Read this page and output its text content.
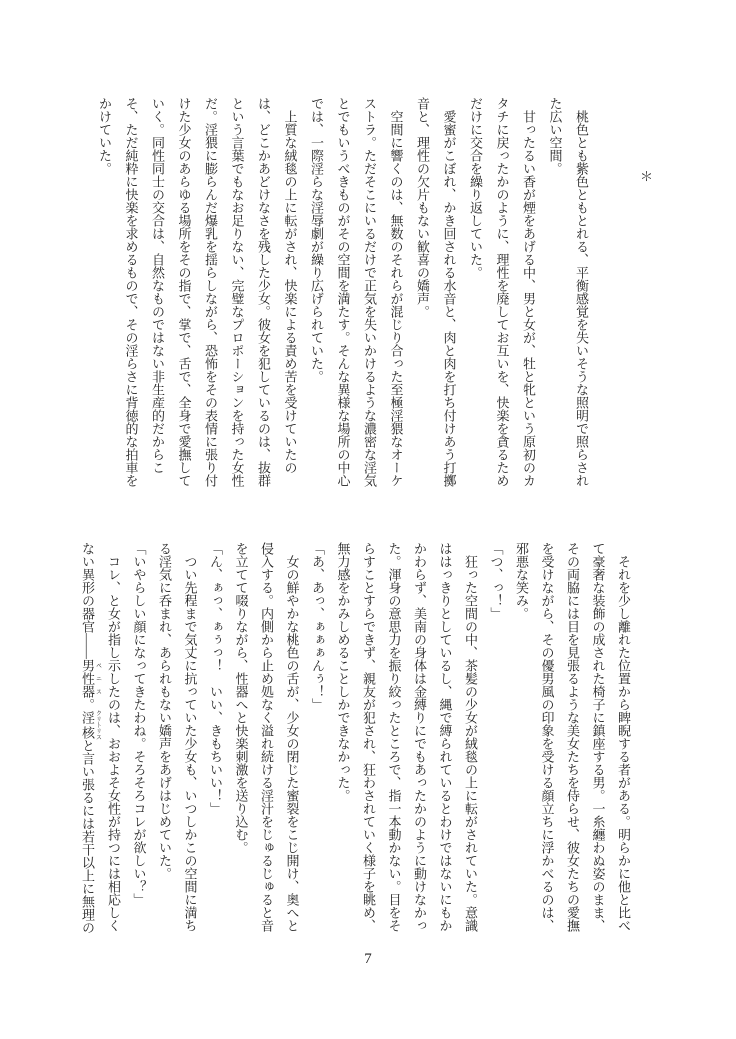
＊
　桃色とも紫色ともとれる、平衡感覚を失いそうな照明で照らされ
た広い空間。
　甘ったるい香が煙をあげる中、男と女が、牡と牝という原初のカ
タチに戻ったかのように、理性を廃してお互いを、快楽を貪るため
だけに交合を繰り返していた。
　愛蜜がこぼれ、かき回される水音と、肉と肉を打ち付けあう打擲
音と、理性の欠片もない歓喜の嬌声。
　空間に響くのは、無数のそれらが混じり合った至極淫猥なオーケ
ストラ。ただそこにいるだけで正気を失いかけるような濃密な淫気
とでもいうべきものがその空間を満たす。そんな異様な場所の中心
では、一際淫らな淫辱劇が繰り広げられていた。
　上質な絨毯の上に転がされ、快楽による責め苦を受けていたの
は、どこかあどけなさを残した少女。彼女を犯しているのは、抜群
という言葉でもなお足りない、完璧なプロポーションを持った女性
だ。淫猥に膨らんだ爆乳を揺らしながら、恐怖をその表情に張り付
けた少女のあらゆる場所をその指で、掌で、舌で、全身で愛撫して
いく。同性同士の交合は、自然なものではない非生産的だからこ
そ、ただ純粋に快楽を求めるもので、その淫らさに背徳的な拍車を
かけていた。
　それを少し離れた位置から睥睨する者がある。明らかに他と比べ
て豪奢な装飾の成された椅子に鎮座する男。一糸纏わぬ姿のまま、
その両脇には目を見張るような美女たちを侍らせ、彼女たちの愛撫
を受けながら、その優男風の印象を受ける顔立ちに浮かべるのは、
邪悪な笑み。
「つ、っ！」
　狂った空間の中、茶髪の少女が絨毯の上に転がされていた。意識
ははっきりとしているし、縄で縛られているとわけではないにもか
かわらず、美南の身体は金縛りにでもあったかのように動けなかっ
た。渾身の意思力を振り絞ったところで、指一本動かない。目をそ
らすことすらできず、親友が犯され、狂わされていく様子を眺め、
無力感をかみしめることしかできなかった。
「あ、あっ、ぁぁぁんぅ！」
　女の鮮やかな桃色の舌が、少女の閉じた蜜裂をこじ開け、奥へと
侵入する。内側から止め処なく溢れ続ける淫汁をじゅるじゅると音
を立てて啜りながら、性器へと快楽刺激を送り込む。
「ん、ぁっ、ぁぅっ！　いい、きもちいい！」
　つい先程まで気丈に抗っていた少女も、いつしかこの空間に満ち
る淫気に呑まれ、あられもない嬌声をあげはじめていた。
「いやらしい顔になってきたわね。そろそろコレが欲しい？」
　コレ、と女が指し示したのは、おおよそ女性が持つには相応しく
ない異形の器官――男性器 ペニス。淫核 クリトリスと言い張るには若干以上に無理の
7
